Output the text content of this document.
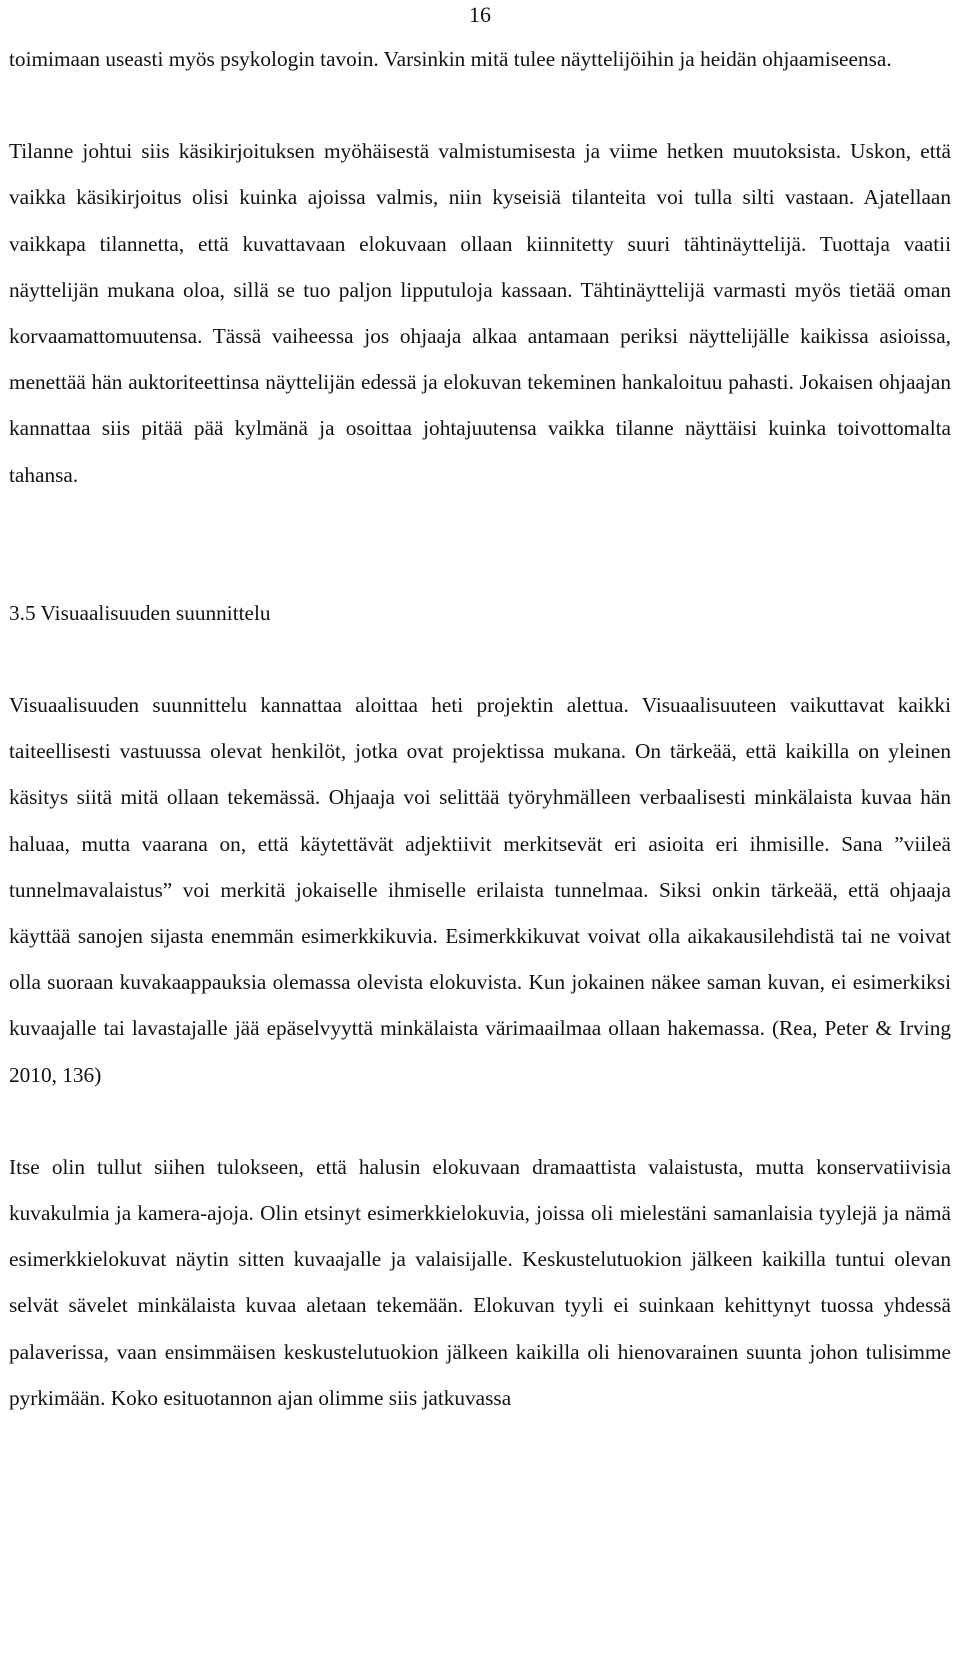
16

toimimaan useasti myös psykologin tavoin. Varsinkin mitä tulee näyttelijöihin ja heidän ohjaamiseensa.

Tilanne johtui siis käsikirjoituksen myöhäisestä valmistumisesta ja viime hetken muutoksista. Uskon, että vaikka käsikirjoitus olisi kuinka ajoissa valmis, niin kyseisiä tilanteita voi tulla silti vastaan. Ajatellaan vaikkapa tilannetta, että kuvattavaan elokuvaan ollaan kiinnitetty suuri tähtinäyttelijä. Tuottaja vaatii näyttelijän mukana oloa, sillä se tuo paljon lipputuloja kassaan. Tähtinäyttelijä varmasti myös tietää oman korvaamattomuutensa. Tässä vaiheessa jos ohjaaja alkaa antamaan periksi näyttelijälle kaikissa asioissa, menettää hän auktoriteettinsa näyttelijän edessä ja elokuvan tekeminen hankaloituu pahasti. Jokaisen ohjaajan kannattaa siis pitää pää kylmänä ja osoittaa johtajuutensa vaikka tilanne näyttäisi kuinka toivottomalta tahansa.

3.5 Visuaalisuuden suunnittelu

Visuaalisuuden suunnittelu kannattaa aloittaa heti projektin alettua. Visuaalisuuteen vaikuttavat kaikki taiteellisesti vastuussa olevat henkilöt, jotka ovat projektissa mukana. On tärkeää, että kaikilla on yleinen käsitys siitä mitä ollaan tekemässä. Ohjaaja voi selittää työryhmälleen verbaalisesti minkälaista kuvaa hän haluaa, mutta vaarana on, että käytettävät adjektiivit merkitsevät eri asioita eri ihmisille. Sana ”viileä tunnelmavalaistus” voi merkitä jokaiselle ihmiselle erilaista tunnelmaa. Siksi onkin tärkeää, että ohjaaja käyttää sanojen sijasta enemmän esimerkkikuvia. Esimerkkikuvat voivat olla aikakausilehdistä tai ne voivat olla suoraan kuvakaappauksia olemassa olevista elokuvista. Kun jokainen näkee saman kuvan, ei esimerkiksi kuvaajalle tai lavastajalle jää epäselvyyttä minkälaista värimaailmaa ollaan hakemassa. (Rea, Peter & Irving 2010, 136)

Itse olin tullut siihen tulokseen, että halusin elokuvaan dramaattista valaistusta, mutta konservatiivisia kuvakulmia ja kamera-ajoja. Olin etsinyt esimerkkielokuvia, joissa oli mielestäni samanlaisia tyylejä ja nämä esimerkkielokuvat näytin sitten kuvaajalle ja valaisijalle. Keskustelutuokion jälkeen kaikilla tuntui olevan selvät sävelet minkälaista kuvaa aletaan tekemään. Elokuvan tyyli ei suinkaan kehittynyt tuossa yhdessä palaverissa, vaan ensimmäisen keskustelutuokion jälkeen kaikilla oli hienovarainen suunta johon tulisimme pyrkimään. Koko esituotannon ajan olimme siis jatkuvassa
